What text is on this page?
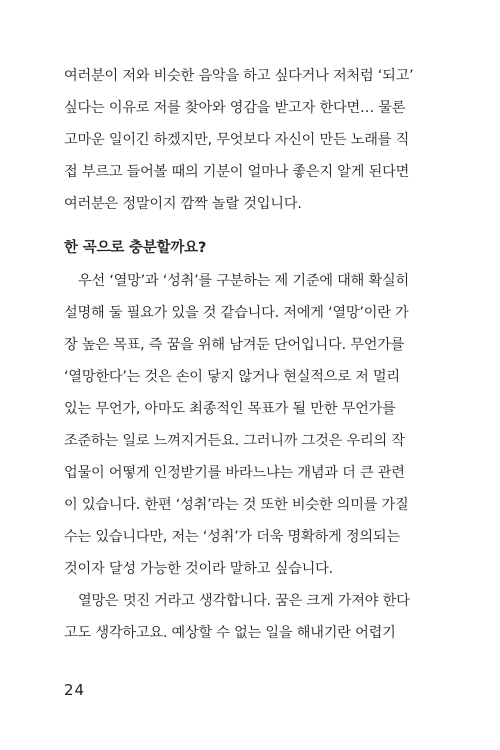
여러분이 저와 비슷한 음악을 하고 싶다거나 저처럼 ‘되고’
싶다는 이유로 저를 찾아와 영감을 받고자 한다면… 물론
고마운 일이긴 하겠지만, 무엇보다 자신이 만든 노래를 직
접 부르고 들어볼 때의 기분이 얼마나 좋은지 알게 된다면
여러분은 정말이지 깜짝 놀랄 것입니다.
한 곡으로 충분할까요?
우선 ‘열망’과 ‘성취’를 구분하는 제 기준에 대해 확실히
설명해 둘 필요가 있을 것 같습니다. 저에게 ‘열망’이란 가
장 높은 목표, 즉 꿈을 위해 남겨둔 단어입니다. 무언가를
‘열망한다’는 것은 손이 닿지 않거나 현실적으로 저 멀리
있는 무언가, 아마도 최종적인 목표가 될 만한 무언가를
조준하는 일로 느껴지거든요. 그러니까 그것은 우리의 작
업물이 어떻게 인정받기를 바라느냐는 개념과 더 큰 관련
이 있습니다. 한편 ‘성취’라는 것 또한 비슷한 의미를 가질
수는 있습니다만, 저는 ‘성취’가 더욱 명확하게 정의되는
것이자 달성 가능한 것이라 말하고 싶습니다.
열망은 멋진 거라고 생각합니다. 꿈은 크게 가져야 한다
고도 생각하고요. 예상할 수 없는 일을 해내기란 어렵기
24
